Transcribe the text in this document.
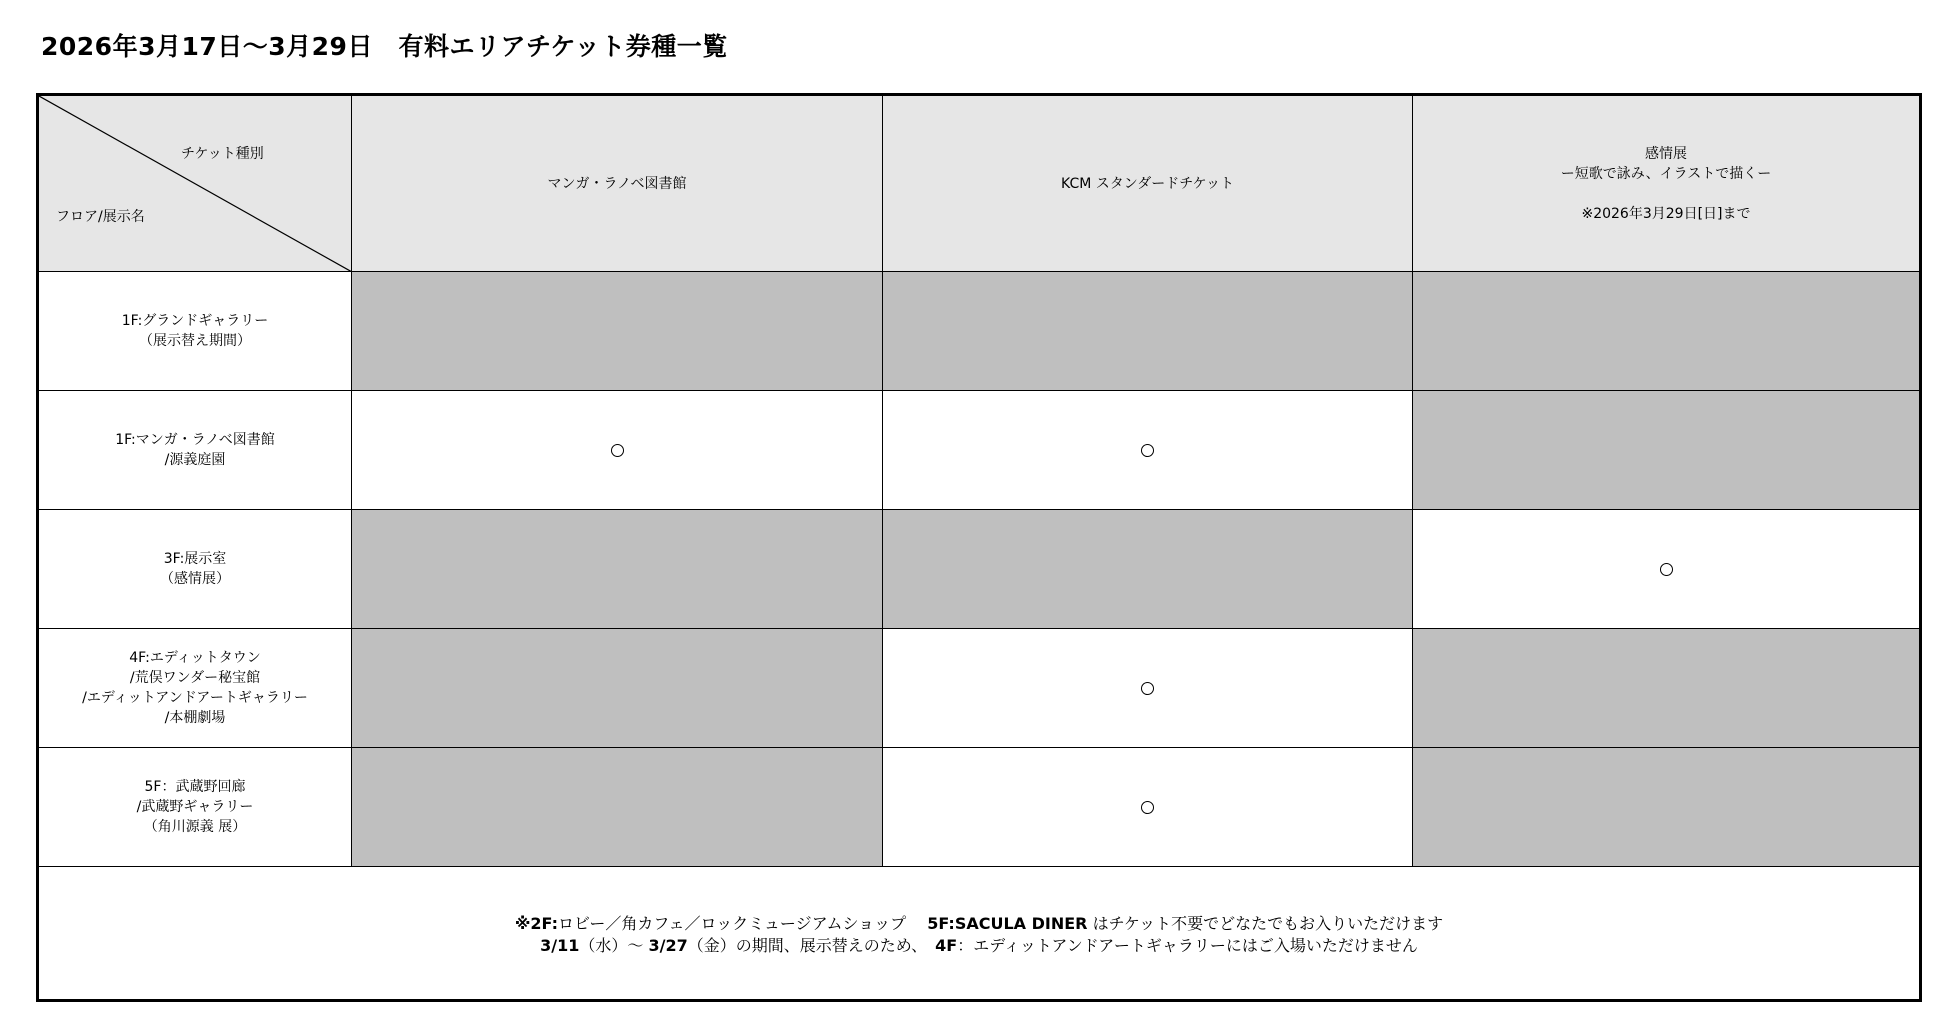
2026年3月17日～3月29日　有料エリアチケット券種一覧
チケット種別
フロア/展示名
マンガ・ラノベ図書館	KCM スタンダードチケット
感情展
ー短歌で詠み、イラストで描くー
※2026年3月29日[日]まで
1F:グランドギャラリー
（展示替え期間）
1F:マンガ・ラノベ図書館
/源義庭園
3F:展示室
（感情展）
4F:エディットタウン
/荒俣ワンダー秘宝館
/エディットアンドアートギャラリー
/本棚劇場
5F：武蔵野回廊
/武蔵野ギャラリー
（角川源義 展）
※2F:ロビー／角カフェ／ロックミュージアムショップ　 5F:SACULA DINER はチケット不要でどなたでもお入りいただけます
3/11（水）～ 3/27（金）の期間、展示替えのため、　4F：エディットアンドアートギャラリーにはご入場いただけません
